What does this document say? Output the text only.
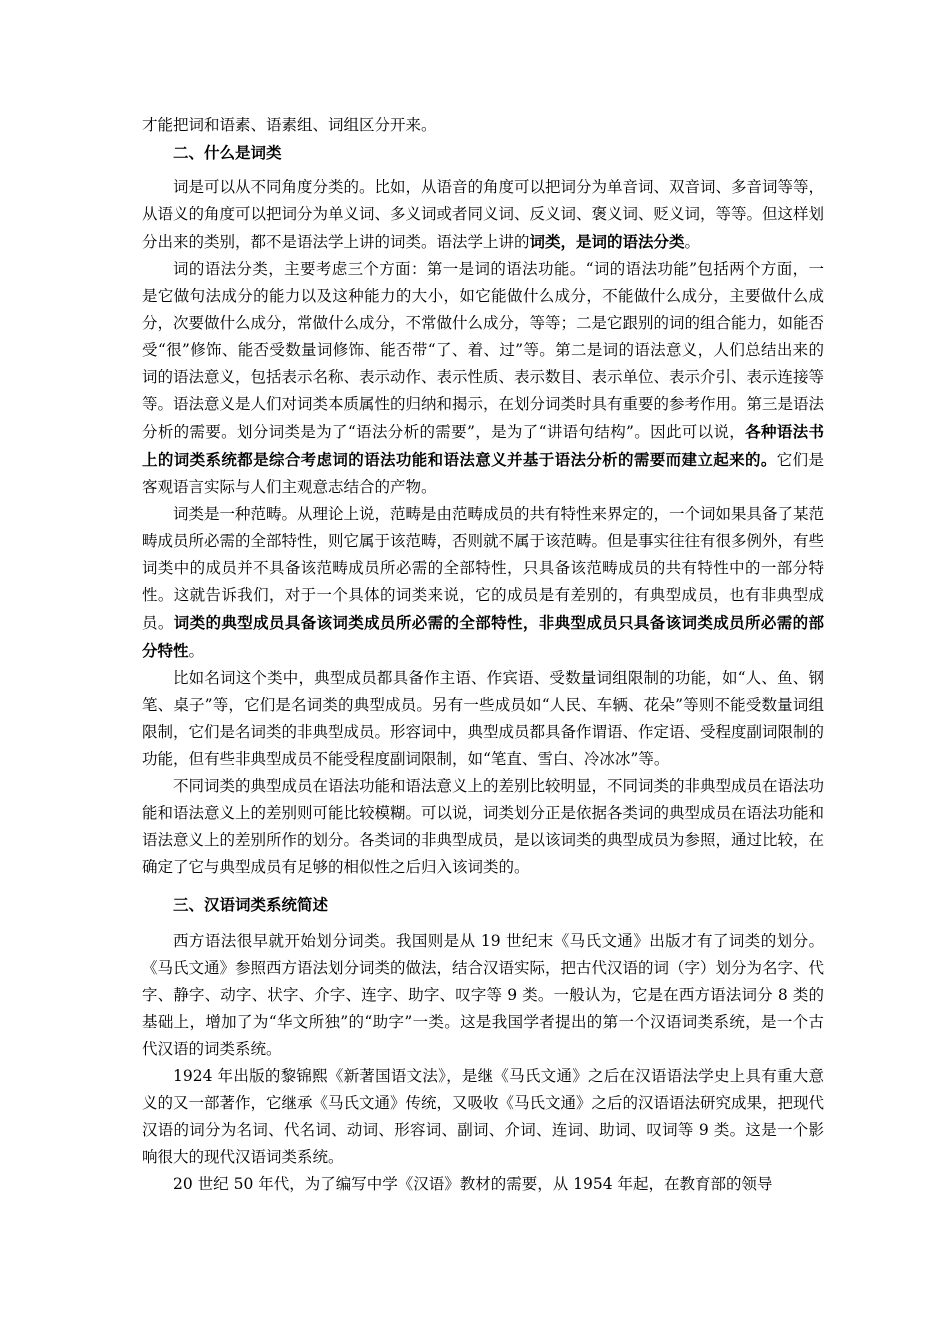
才能把词和语素、语素组、词组区分开来。

二、什么是词类

词是可以从不同角度分类的。比如，从语音的角度可以把词分为单音词、双音词、多音词等等，从语义的角度可以把词分为单义词、多义词或者同义词、反义词、褒义词、贬义词，等等。但这样划分出来的类别，都不是语法学上讲的词类。语法学上讲的词类，是词的语法分类。

词的语法分类，主要考虑三个方面：第一是词的语法功能。“词的语法功能”包括两个方面，一是它做句法成分的能力以及这种能力的大小，如它能做什么成分，不能做什么成分，主要做什么成分，次要做什么成分，常做什么成分，不常做什么成分，等等；二是它跟别的词的组合能力，如能否受“很”修饰、能否受数量词修饰、能否带“了、着、过”等。第二是词的语法意义，人们总结出来的词的语法意义，包括表示名称、表示动作、表示性质、表示数目、表示单位、表示介引、表示连接等等。语法意义是人们对词类本质属性的归纳和揭示，在划分词类时具有重要的参考作用。第三是语法分析的需要。划分词类是为了“语法分析的需要”，是为了“讲语句结构”。因此可以说，各种语法书上的词类系统都是综合考虑词的语法功能和语法意义并基于语法分析的需要而建立起来的。它们是客观语言实际与人们主观意志结合的产物。

词类是一种范畴。从理论上说，范畴是由范畴成员的共有特性来界定的，一个词如果具备了某范畴成员所必需的全部特性，则它属于该范畴，否则就不属于该范畴。但是事实往往有很多例外，有些词类中的成员并不具备该范畴成员所必需的全部特性，只具备该范畴成员的共有特性中的一部分特性。这就告诉我们，对于一个具体的词类来说，它的成员是有差别的，有典型成员，也有非典型成员。词类的典型成员具备该词类成员所必需的全部特性，非典型成员只具备该词类成员所必需的部分特性。

比如名词这个类中，典型成员都具备作主语、作宾语、受数量词组限制的功能，如“人、鱼、钢笔、桌子”等，它们是名词类的典型成员。另有一些成员如“人民、车辆、花朵”等则不能受数量词组限制，它们是名词类的非典型成员。形容词中，典型成员都具备作谓语、作定语、受程度副词限制的功能，但有些非典型成员不能受程度副词限制，如“笔直、雪白、冷冰冰”等。

不同词类的典型成员在语法功能和语法意义上的差别比较明显，不同词类的非典型成员在语法功能和语法意义上的差别则可能比较模糊。可以说，词类划分正是依据各类词的典型成员在语法功能和语法意义上的差别所作的划分。各类词的非典型成员，是以该词类的典型成员为参照，通过比较，在确定了它与典型成员有足够的相似性之后归入该词类的。

三、汉语词类系统简述

西方语法很早就开始划分词类。我国则是从 19 世纪末《马氏文通》出版才有了词类的划分。《马氏文通》参照西方语法划分词类的做法，结合汉语实际，把古代汉语的词（字）划分为名字、代字、静字、动字、状字、介字、连字、助字、叹字等 9 类。一般认为，它是在西方语法词分 8 类的基础上，增加了为“华文所独”的“助字”一类。这是我国学者提出的第一个汉语词类系统，是一个古代汉语的词类系统。

1924 年出版的黎锦熙《新著国语文法》，是继《马氏文通》之后在汉语语法学史上具有重大意义的又一部著作，它继承《马氏文通》传统，又吸收《马氏文通》之后的汉语语法研究成果，把现代汉语的词分为名词、代名词、动词、形容词、副词、介词、连词、助词、叹词等 9 类。这是一个影响很大的现代汉语词类系统。

20 世纪 50 年代，为了编写中学《汉语》教材的需要，从 1954 年起，在教育部的领导
